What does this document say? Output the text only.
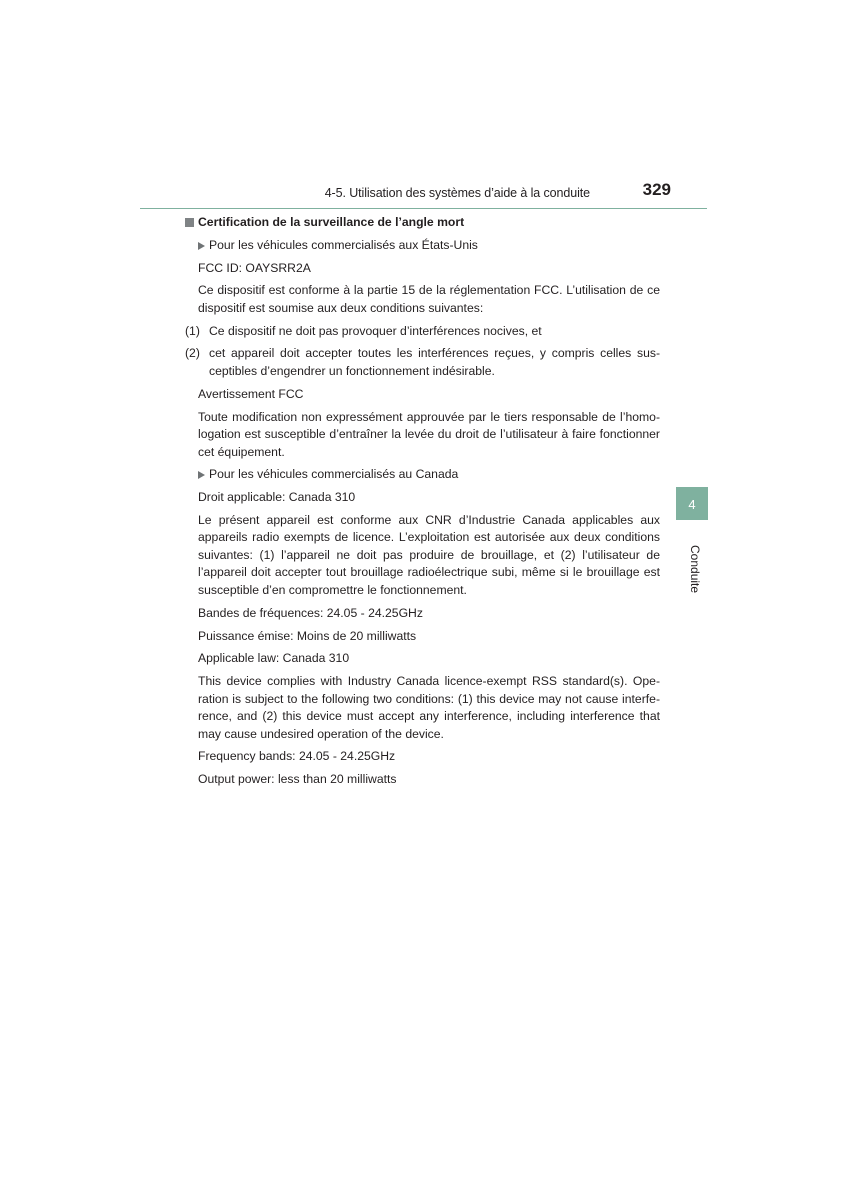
4-5. Utilisation des systèmes d’aide à la conduite	329

Certification de la surveillance de l’angle mort

Pour les véhicules commercialisés aux États-Unis

FCC ID: OAYSRR2A

Ce dispositif est conforme à la partie 15 de la réglementation FCC. L’utilisation de ce dispositif est soumise aux deux conditions suivantes:

(1) Ce dispositif ne doit pas provoquer d’interférences nocives, et

(2) cet appareil doit accepter toutes les interférences reçues, y compris celles susceptibles d’engendrer un fonctionnement indésirable.

Avertissement FCC

Toute modification non expressément approuvée par le tiers responsable de l’homologation est susceptible d’entraîner la levée du droit de l’utilisateur à faire fonctionner cet équipement.

Pour les véhicules commercialisés au Canada

Droit applicable: Canada 310

Le présent appareil est conforme aux CNR d’Industrie Canada applicables aux appareils radio exempts de licence. L’exploitation est autorisée aux deux conditions suivantes: (1) l’appareil ne doit pas produire de brouillage, et (2) l’utilisateur de l’appareil doit accepter tout brouillage radioélectrique subi, même si le brouillage est susceptible d’en compromettre le fonctionnement.

Bandes de fréquences: 24.05 - 24.25GHz

Puissance émise: Moins de 20 milliwatts

Applicable law: Canada 310

This device complies with Industry Canada licence-exempt RSS standard(s). Operation is subject to the following two conditions: (1) this device may not cause interference, and (2) this device must accept any interference, including interference that may cause undesired operation of the device.

Frequency bands: 24.05 - 24.25GHz

Output power: less than 20 milliwatts

4
Conduite
